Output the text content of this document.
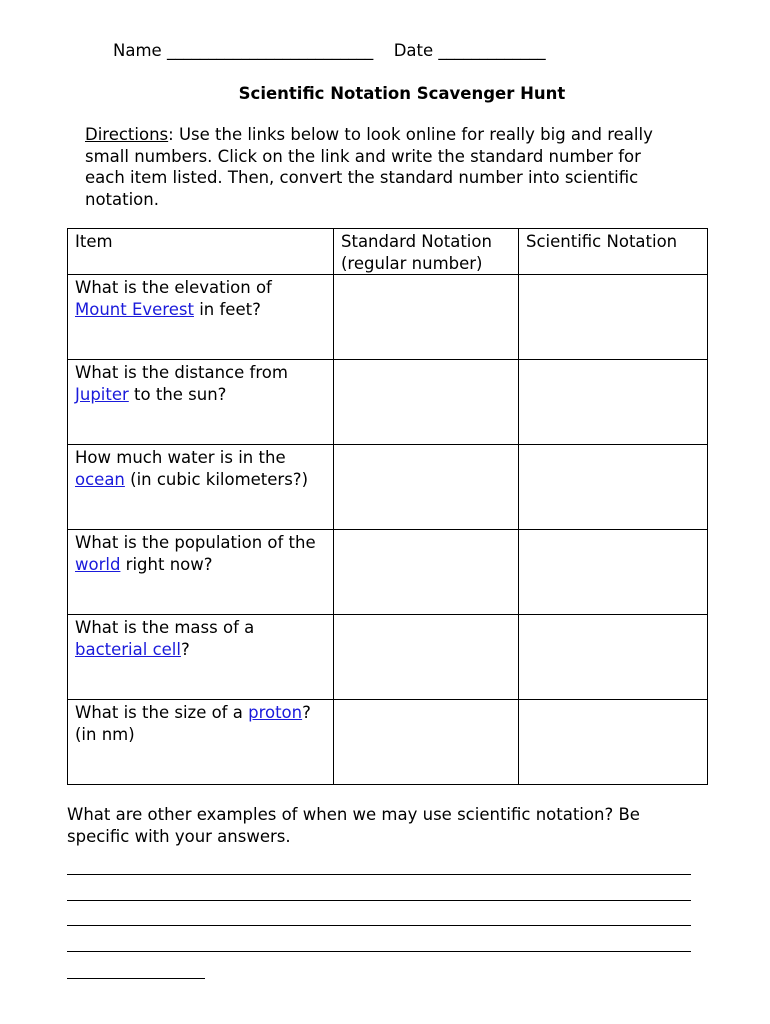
Name _________________________ Date _____________
Scientific Notation Scavenger Hunt
Directions: Use the links below to look online for really big and really small numbers. Click on the link and write the standard number for each item listed. Then, convert the standard number into scientific notation.
Item	Standard Notation (regular number)	Scientific Notation
What is the elevation of Mount Everest in feet?		
What is the distance from Jupiter to the sun?		
How much water is in the ocean (in cubic kilometers?)		
What is the population of the world right now?		
What is the mass of a bacterial cell?		
What is the size of a proton? (in nm)		
What are other examples of when we may use scientific notation? Be specific with your answers.
